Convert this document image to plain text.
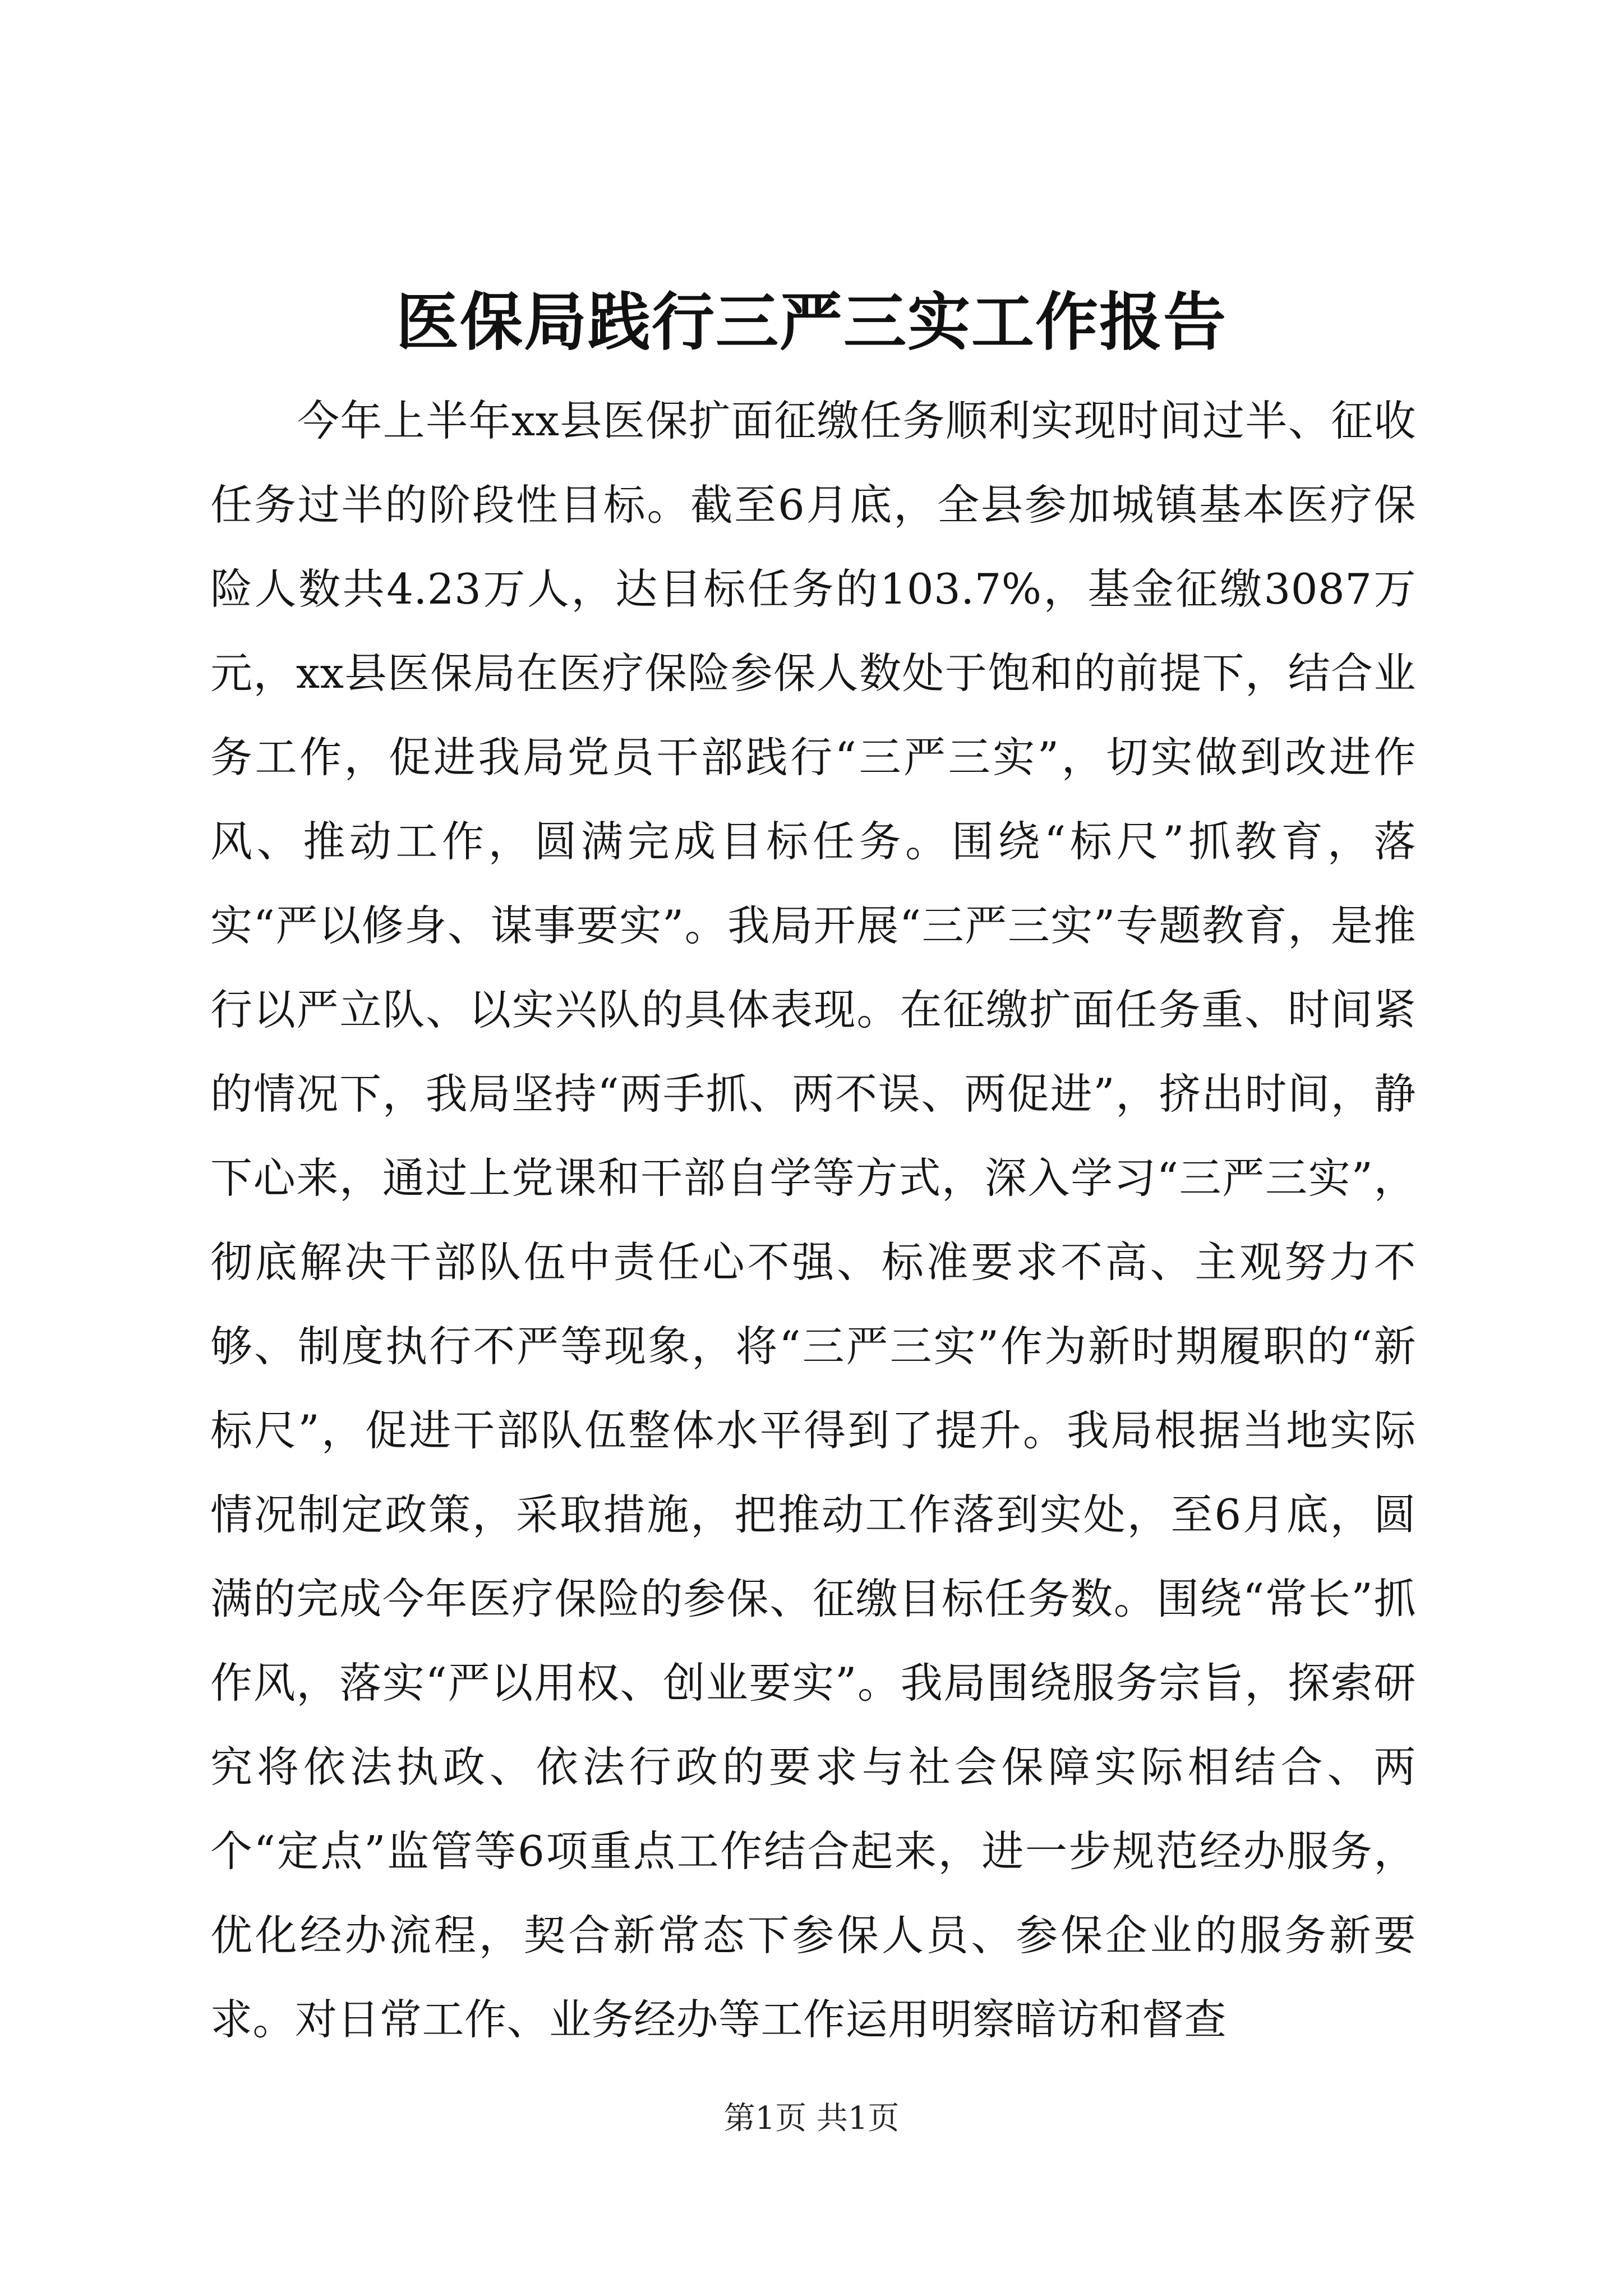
医保局践行三严三实工作报告

今年上半年xx县医保扩面征缴任务顺利实现时间过半、征收任务过半的阶段性目标。截至6月底，全县参加城镇基本医疗保险人数共4.23万人，达目标任务的103.7%，基金征缴3087万元，xx县医保局在医疗保险参保人数处于饱和的前提下，结合业务工作，促进我局党员干部践行“三严三实”，切实做到改进作风、推动工作，圆满完成目标任务。围绕“标尺”抓教育，落实“严以修身、谋事要实”。我局开展“三严三实”专题教育，是推行以严立队、以实兴队的具体表现。在征缴扩面任务重、时间紧的情况下，我局坚持“两手抓、两不误、两促进”，挤出时间，静下心来，通过上党课和干部自学等方式，深入学习“三严三实”，彻底解决干部队伍中责任心不强、标准要求不高、主观努力不够、制度执行不严等现象，将“三严三实”作为新时期履职的“新标尺”，促进干部队伍整体水平得到了提升。我局根据当地实际情况制定政策，采取措施，把推动工作落到实处，至6月底，圆满的完成今年医疗保险的参保、征缴目标任务数。围绕“常长”抓作风，落实“严以用权、创业要实”。我局围绕服务宗旨，探索研究将依法执政、依法行政的要求与社会保障实际相结合、两个“定点”监管等6项重点工作结合起来，进一步规范经办服务，优化经办流程，契合新常态下参保人员、参保企业的服务新要求。对日常工作、业务经办等工作运用明察暗访和督查

第1页 共1页
